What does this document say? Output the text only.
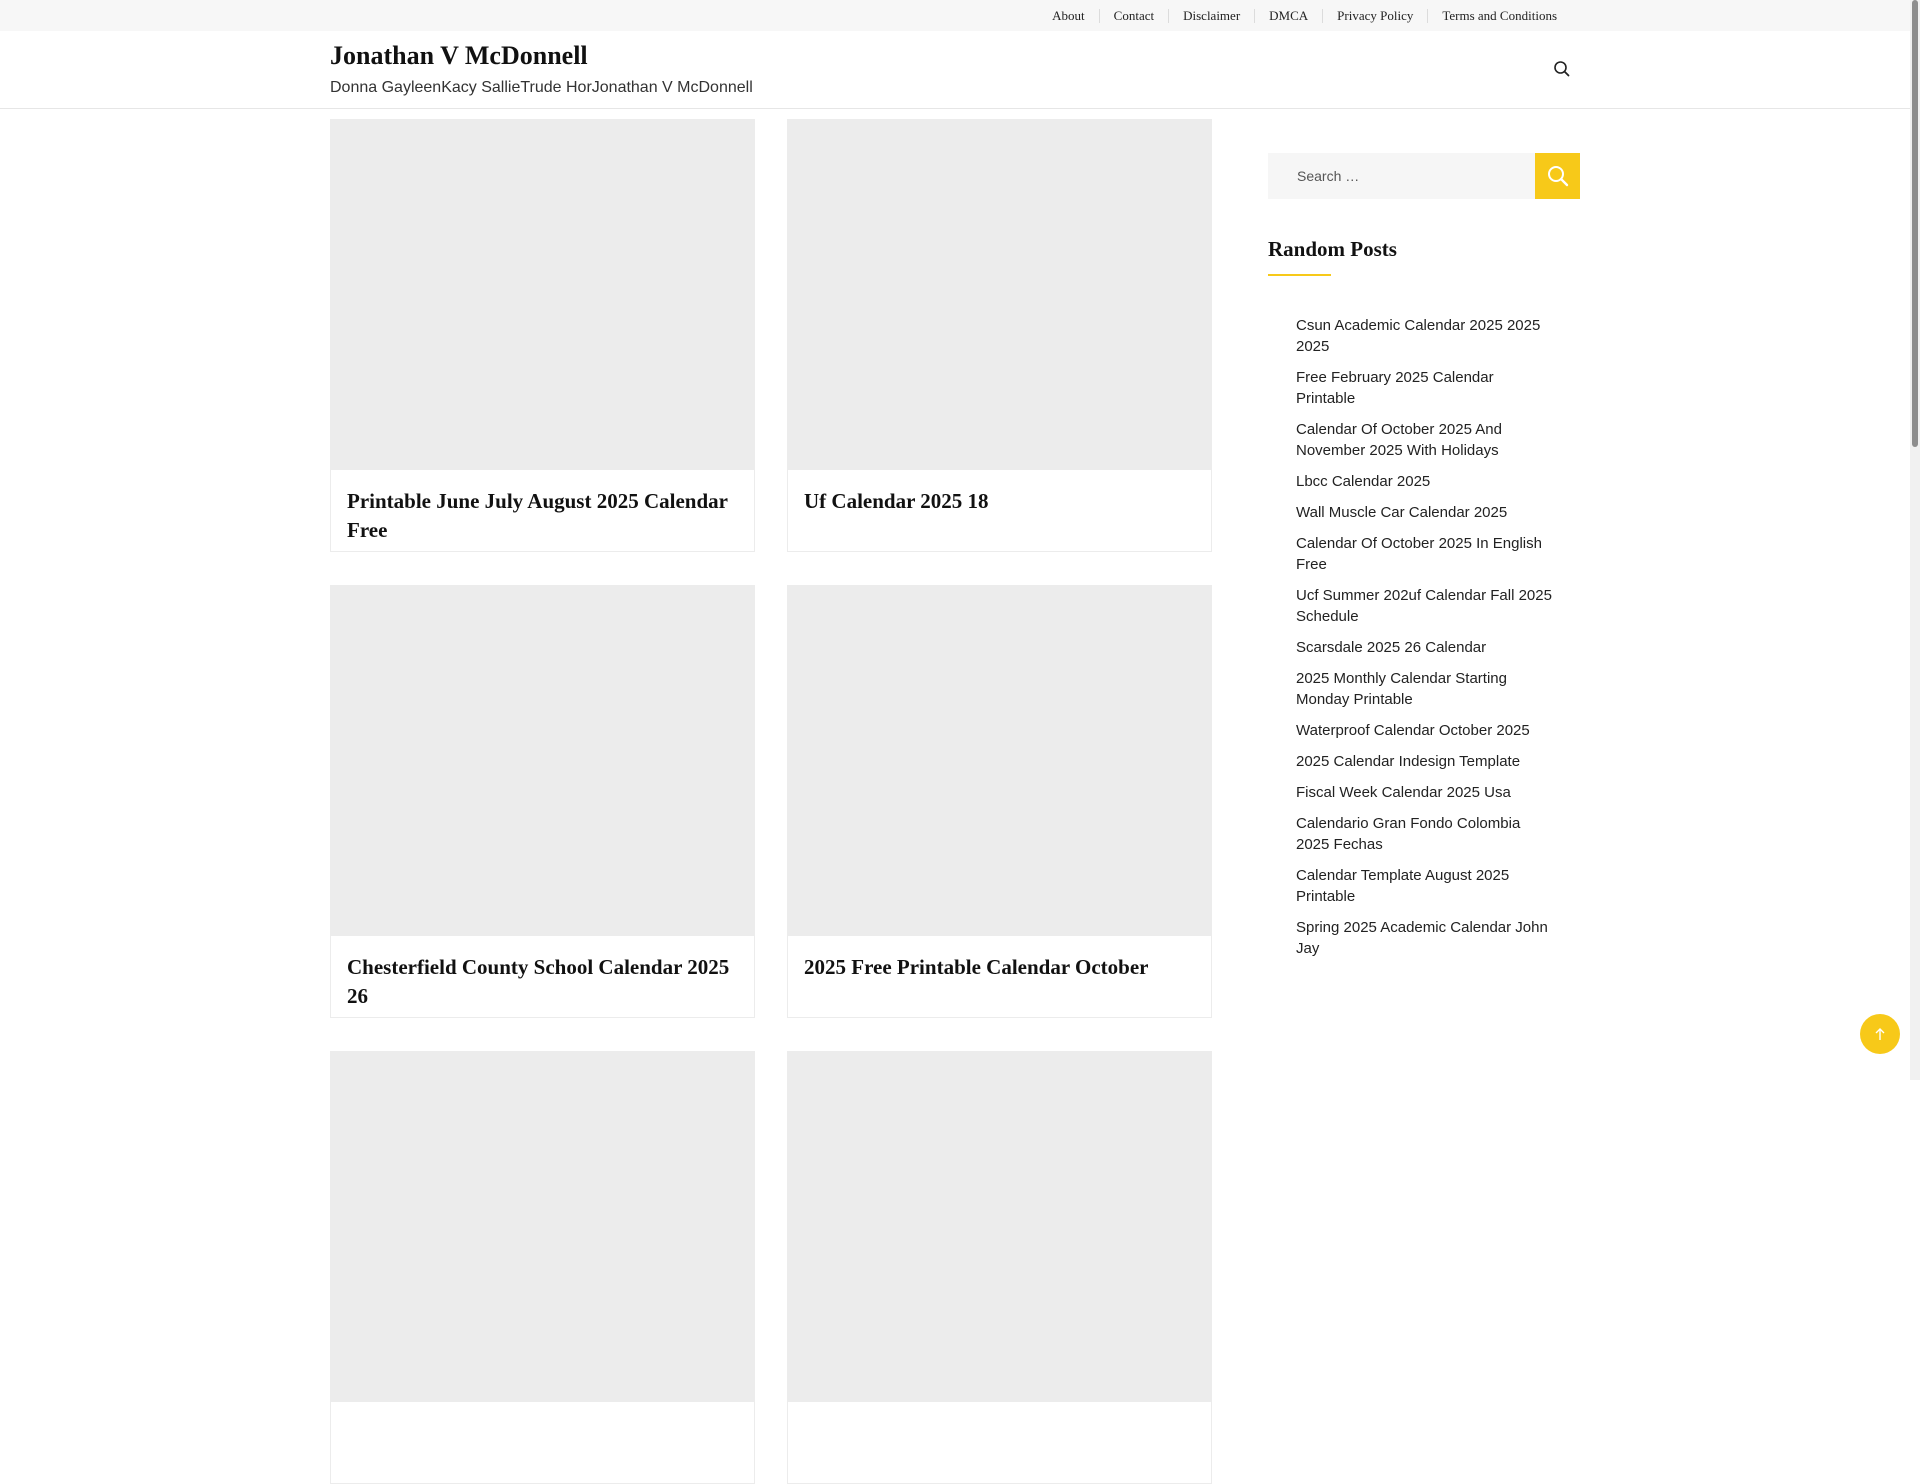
About	Contact	Disclaimer	DMCA	Privacy Policy	Terms and Conditions
Jonathan V McDonnell
Donna GayleenKacy SallieTrude HorJonathan V McDonnell
Printable June July August 2025 Calendar Free
Uf Calendar 2025 18
Chesterfield County School Calendar 2025 26
2025 Free Printable Calendar October
Search …
Random Posts
Csun Academic Calendar 2025 2025 2025
Free February 2025 Calendar Printable
Calendar Of October 2025 And November 2025 With Holidays
Lbcc Calendar 2025
Wall Muscle Car Calendar 2025
Calendar Of October 2025 In English Free
Ucf Summer 202uf Calendar Fall 2025 Schedule
Scarsdale 2025 26 Calendar
2025 Monthly Calendar Starting Monday Printable
Waterproof Calendar October 2025
2025 Calendar Indesign Template
Fiscal Week Calendar 2025 Usa
Calendario Gran Fondo Colombia 2025 Fechas
Calendar Template August 2025 Printable
Spring 2025 Academic Calendar John Jay
